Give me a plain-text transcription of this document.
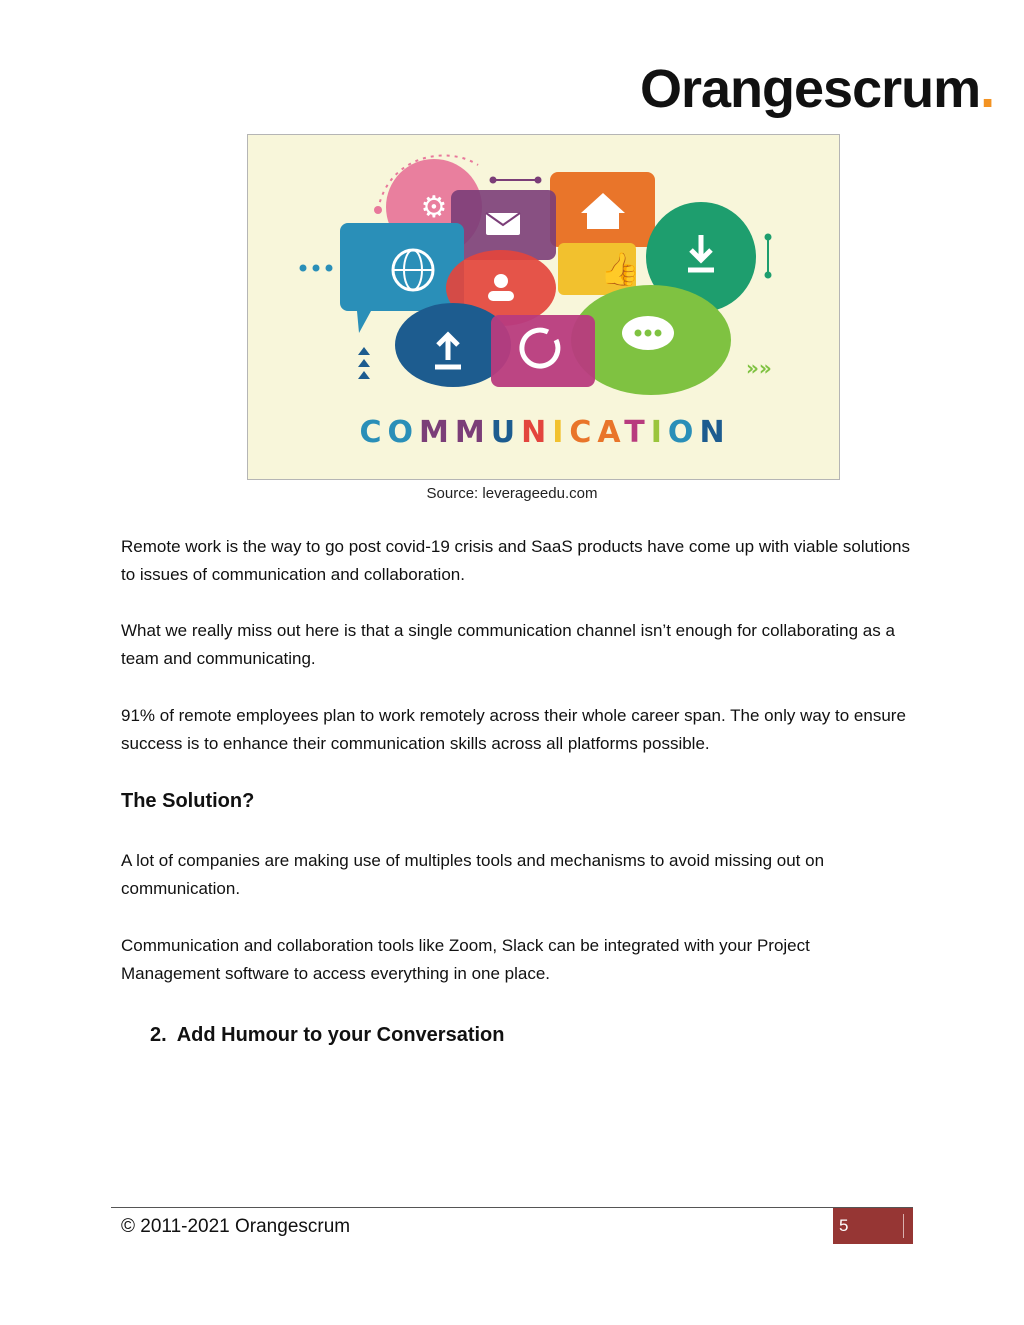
Orangescrum.
⚙
👍
»»
COMMUNICATION
Source: leverageedu.com

Remote work is the way to go post covid-19 crisis and SaaS products have come up with viable solutions to issues of communication and collaboration.

What we really miss out here is that a single communication channel isn’t enough for collaborating as a team and communicating.

91% of remote employees plan to work remotely across their whole career span. The only way to ensure success is to enhance their communication skills across all platforms possible.

The Solution?

A lot of companies are making use of multiples tools and mechanisms to avoid missing out on communication.

Communication and collaboration tools like Zoom, Slack can be integrated with your Project Management software to access everything in one place.

2. Add Humour to your Conversation
© 2011-2021 Orangescrum	5
